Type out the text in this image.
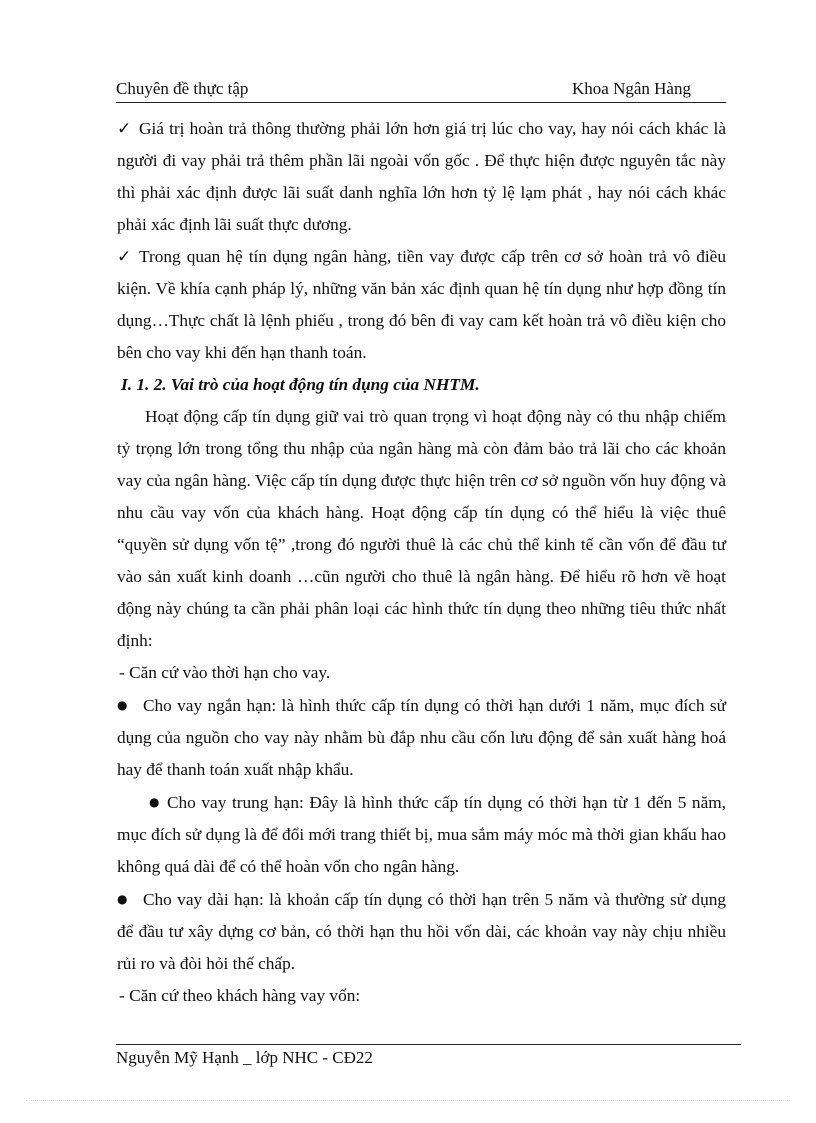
Chuyên đề thực tập	Khoa Ngân Hàng

✓ Giá trị hoàn trả thông thường phải lớn hơn giá trị lúc cho vay, hay nói cách khác là người đi vay phải trả thêm phần lãi ngoài vốn gốc . Để thực hiện được nguyên tắc này thì phải xác định được lãi suất danh nghĩa lớn hơn tỷ lệ lạm phát , hay nói cách khác phải xác định lãi suất thực dương.

✓ Trong quan hệ tín dụng ngân hàng, tiền vay được cấp trên cơ sở hoàn trả vô điều kiện. Về khía cạnh pháp lý, những văn bản xác định quan hệ tín dụng như hợp đồng tín dụng…Thực chất là lệnh phiếu , trong đó bên đi vay cam kết hoàn trả vô điều kiện cho bên cho vay khi đến hạn thanh toán.

I. 1. 2. Vai trò của hoạt động tín dụng của NHTM.

Hoạt động cấp tín dụng giữ vai trò quan trọng vì hoạt động này có thu nhập chiếm tỷ trọng lớn trong tổng thu nhập của ngân hàng mà còn đảm bảo trả lãi cho các khoản vay của ngân hàng. Việc cấp tín dụng được thực hiện trên cơ sở nguồn vốn huy động và nhu cầu vay vốn của khách hàng. Hoạt động cấp tín dụng có thể hiểu là việc thuê “quyền sử dụng vốn tệ” ,trong đó người thuê là các chủ thể kinh tế cần vốn để đầu tư vào sản xuất kinh doanh …cũn người cho thuê là ngân hàng. Để hiểu rõ hơn về hoạt động này chúng ta cần phải phân loại các hình thức tín dụng theo những tiêu thức nhất định:

- Căn cứ vào thời hạn cho vay.

● Cho vay ngắn hạn: là hình thức cấp tín dụng có thời hạn dưới 1 năm, mục đích sử dụng của nguồn cho vay này nhằm bù đắp nhu cầu cốn lưu động để sản xuất hàng hoá hay để thanh toán xuất nhập khẩu.

● Cho vay trung hạn: Đây là hình thức cấp tín dụng có thời hạn từ 1 đến 5 năm, mục đích sử dụng là để đổi mới trang thiết bị, mua sắm máy móc mà thời gian khấu hao không quá dài để có thể hoàn vốn cho ngân hàng.

● Cho vay dài hạn: là khoản cấp tín dụng có thời hạn trên 5 năm và thường sử dụng để đầu tư xây dựng cơ bản, có thời hạn thu hồi vốn dài, các khoản vay này chịu nhiều rủi ro và đòi hỏi thế chấp.

- Căn cứ theo khách hàng vay vốn:

Nguyễn Mỹ Hạnh _ lớp NHC - CĐ22
